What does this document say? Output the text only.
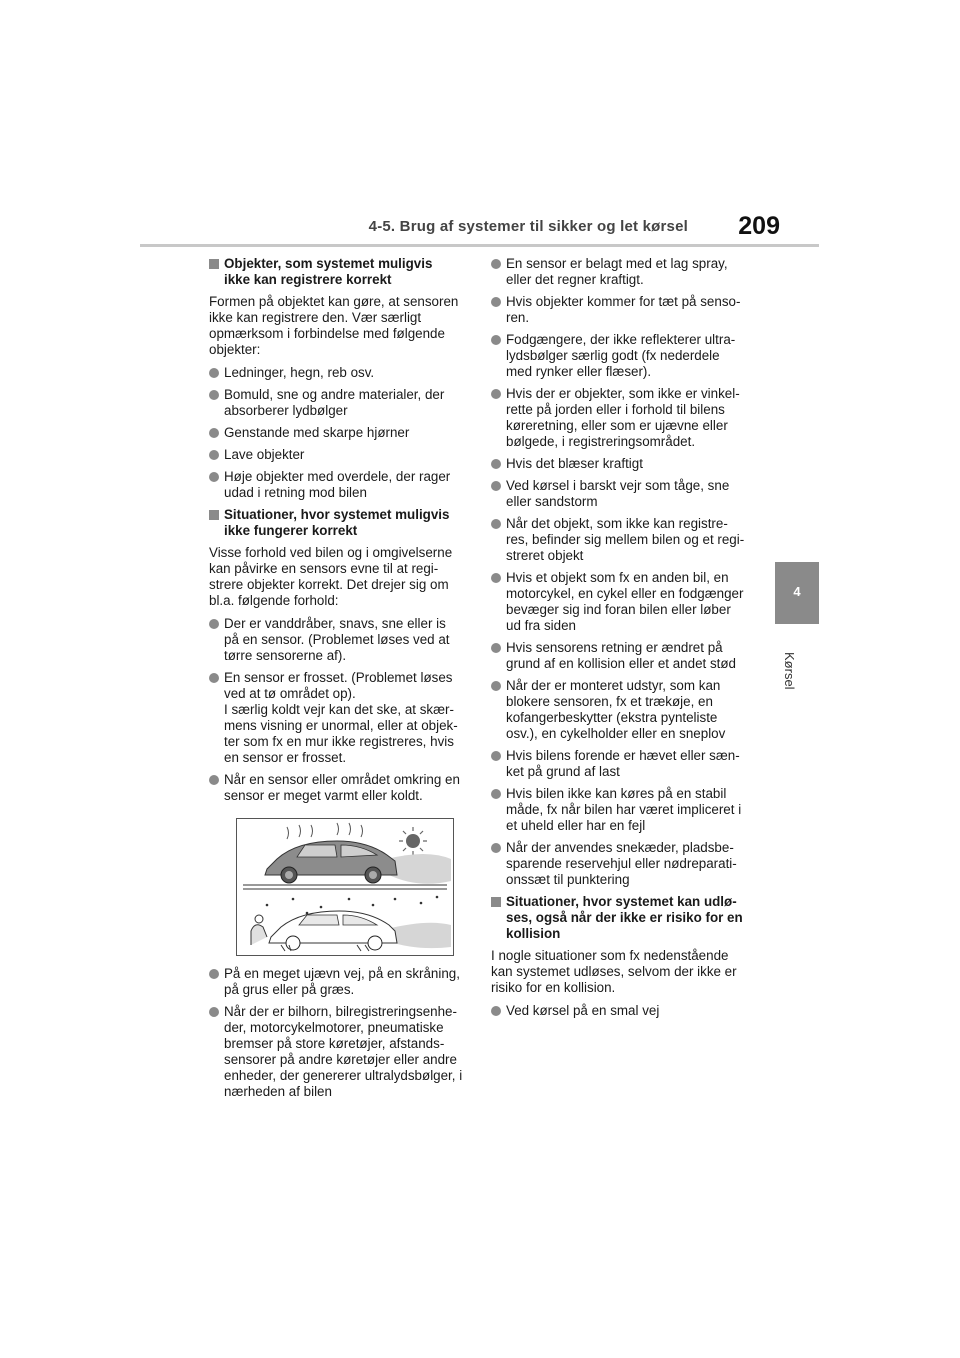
4-5. Brug af systemer til sikker og let kørsel 209
4
Kørsel
Objekter, som systemet muligvis
ikke kan registrere korrekt
Formen på objektet kan gøre, at sensoren
ikke kan registrere den. Vær særligt
opmærksom i forbindelse med følgende
objekter:
Ledninger, hegn, reb osv.
Bomuld, sne og andre materialer, der
absorberer lydbølger
Genstande med skarpe hjørner
Lave objekter
Høje objekter med overdele, der rager
udad i retning mod bilen
Situationer, hvor systemet muligvis
ikke fungerer korrekt
Visse forhold ved bilen og i omgivelserne
kan påvirke en sensors evne til at regi-
strere objekter korrekt. Det drejer sig om
bl.a. følgende forhold:
Der er vanddråber, snavs, sne eller is
på en sensor. (Problemet løses ved at
tørre sensorerne af).
En sensor er frosset. (Problemet løses
ved at tø området op).
I særlig koldt vejr kan det ske, at skær-
mens visning er unormal, eller at objek-
ter som fx en mur ikke registreres, hvis
en sensor er frosset.
Når en sensor eller området omkring en
sensor er meget varmt eller koldt.
På en meget ujævn vej, på en skråning,
på grus eller på græs.
Når der er bilhorn, bilregistreringsenhe-
der, motorcykelmotorer, pneumatiske
bremser på store køretøjer, afstands-
sensorer på andre køretøjer eller andre
enheder, der genererer ultralydsbølger, i
nærheden af bilen
En sensor er belagt med et lag spray,
eller det regner kraftigt.
Hvis objekter kommer for tæt på senso-
ren.
Fodgængere, der ikke reflekterer ultra-
lydsbølger særlig godt (fx nederdele
med rynker eller flæser).
Hvis der er objekter, som ikke er vinkel-
rette på jorden eller i forhold til bilens
køreretning, eller som er ujævne eller
bølgede, i registreringsområdet.
Hvis det blæser kraftigt
Ved kørsel i barskt vejr som tåge, sne
eller sandstorm
Når det objekt, som ikke kan registre-
res, befinder sig mellem bilen og et regi-
streret objekt
Hvis et objekt som fx en anden bil, en
motorcykel, en cykel eller en fodgænger
bevæger sig ind foran bilen eller løber
ud fra siden
Hvis sensorens retning er ændret på
grund af en kollision eller et andet stød
Når der er monteret udstyr, som kan
blokere sensoren, fx et trækøje, en
kofangerbeskytter (ekstra pynteliste
osv.), en cykelholder eller en sneplov
Hvis bilens forende er hævet eller sæn-
ket på grund af last
Hvis bilen ikke kan køres på en stabil
måde, fx når bilen har været impliceret i
et uheld eller har en fejl
Når der anvendes snekæder, pladsbe-
sparende reservehjul eller nødreparati-
onssæt til punktering
Situationer, hvor systemet kan udlø-
ses, også når der ikke er risiko for en
kollision
I nogle situationer som fx nedenstående
kan systemet udløses, selvom der ikke er
risiko for en kollision.
Ved kørsel på en smal vej
